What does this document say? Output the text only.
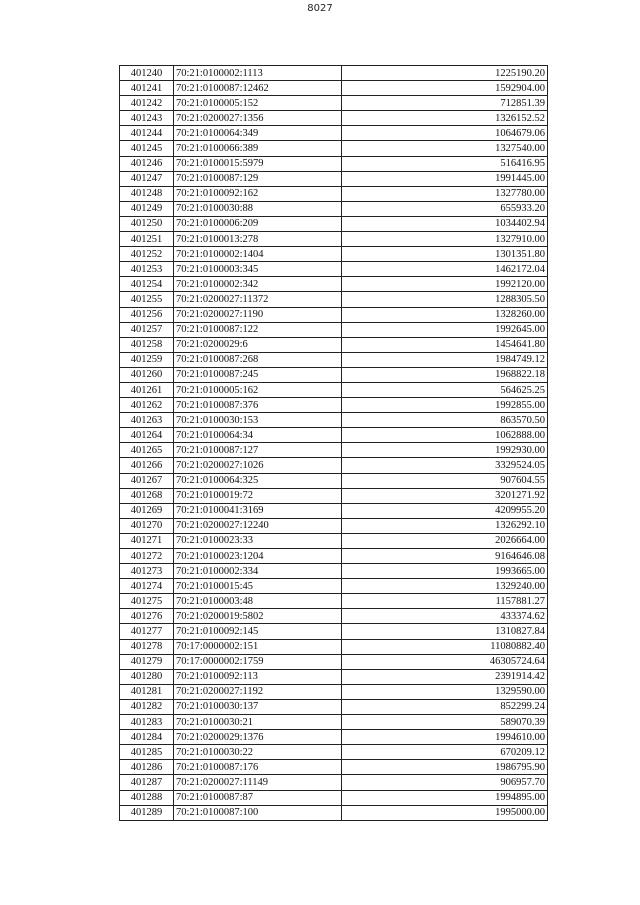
8027
401240	70:21:0100002:1113	1225190.20
401241	70:21:0100087:12462	1592904.00
401242	70:21:0100005:152	712851.39
401243	70:21:0200027:1356	1326152.52
401244	70:21:0100064:349	1064679.06
401245	70:21:0100066:389	1327540.00
401246	70:21:0100015:5979	516416.95
401247	70:21:0100087:129	1991445.00
401248	70:21:0100092:162	1327780.00
401249	70:21:0100030:88	655933.20
401250	70:21:0100006:209	1034402.94
401251	70:21:0100013:278	1327910.00
401252	70:21:0100002:1404	1301351.80
401253	70:21:0100003:345	1462172.04
401254	70:21:0100002:342	1992120.00
401255	70:21:0200027:11372	1288305.50
401256	70:21:0200027:1190	1328260.00
401257	70:21:0100087:122	1992645.00
401258	70:21:0200029:6	1454641.80
401259	70:21:0100087:268	1984749.12
401260	70:21:0100087:245	1968822.18
401261	70:21:0100005:162	564625.25
401262	70:21:0100087:376	1992855.00
401263	70:21:0100030:153	863570.50
401264	70:21:0100064:34	1062888.00
401265	70:21:0100087:127	1992930.00
401266	70:21:0200027:1026	3329524.05
401267	70:21:0100064:325	907604.55
401268	70:21:0100019:72	3201271.92
401269	70:21:0100041:3169	4209955.20
401270	70:21:0200027:12240	1326292.10
401271	70:21:0100023:33	2026664.00
401272	70:21:0100023:1204	9164646.08
401273	70:21:0100002:334	1993665.00
401274	70:21:0100015:45	1329240.00
401275	70:21:0100003:48	1157881.27
401276	70:21:0200019:5802	433374.62
401277	70:21:0100092:145	1310827.84
401278	70:17:0000002:151	11080882.40
401279	70:17:0000002:1759	46305724.64
401280	70:21:0100092:113	2391914.42
401281	70:21:0200027:1192	1329590.00
401282	70:21:0100030:137	852299.24
401283	70:21:0100030:21	589070.39
401284	70:21:0200029:1376	1994610.00
401285	70:21:0100030:22	670209.12
401286	70:21:0100087:176	1986795.90
401287	70:21:0200027:11149	906957.70
401288	70:21:0100087:87	1994895.00
401289	70:21:0100087:100	1995000.00
